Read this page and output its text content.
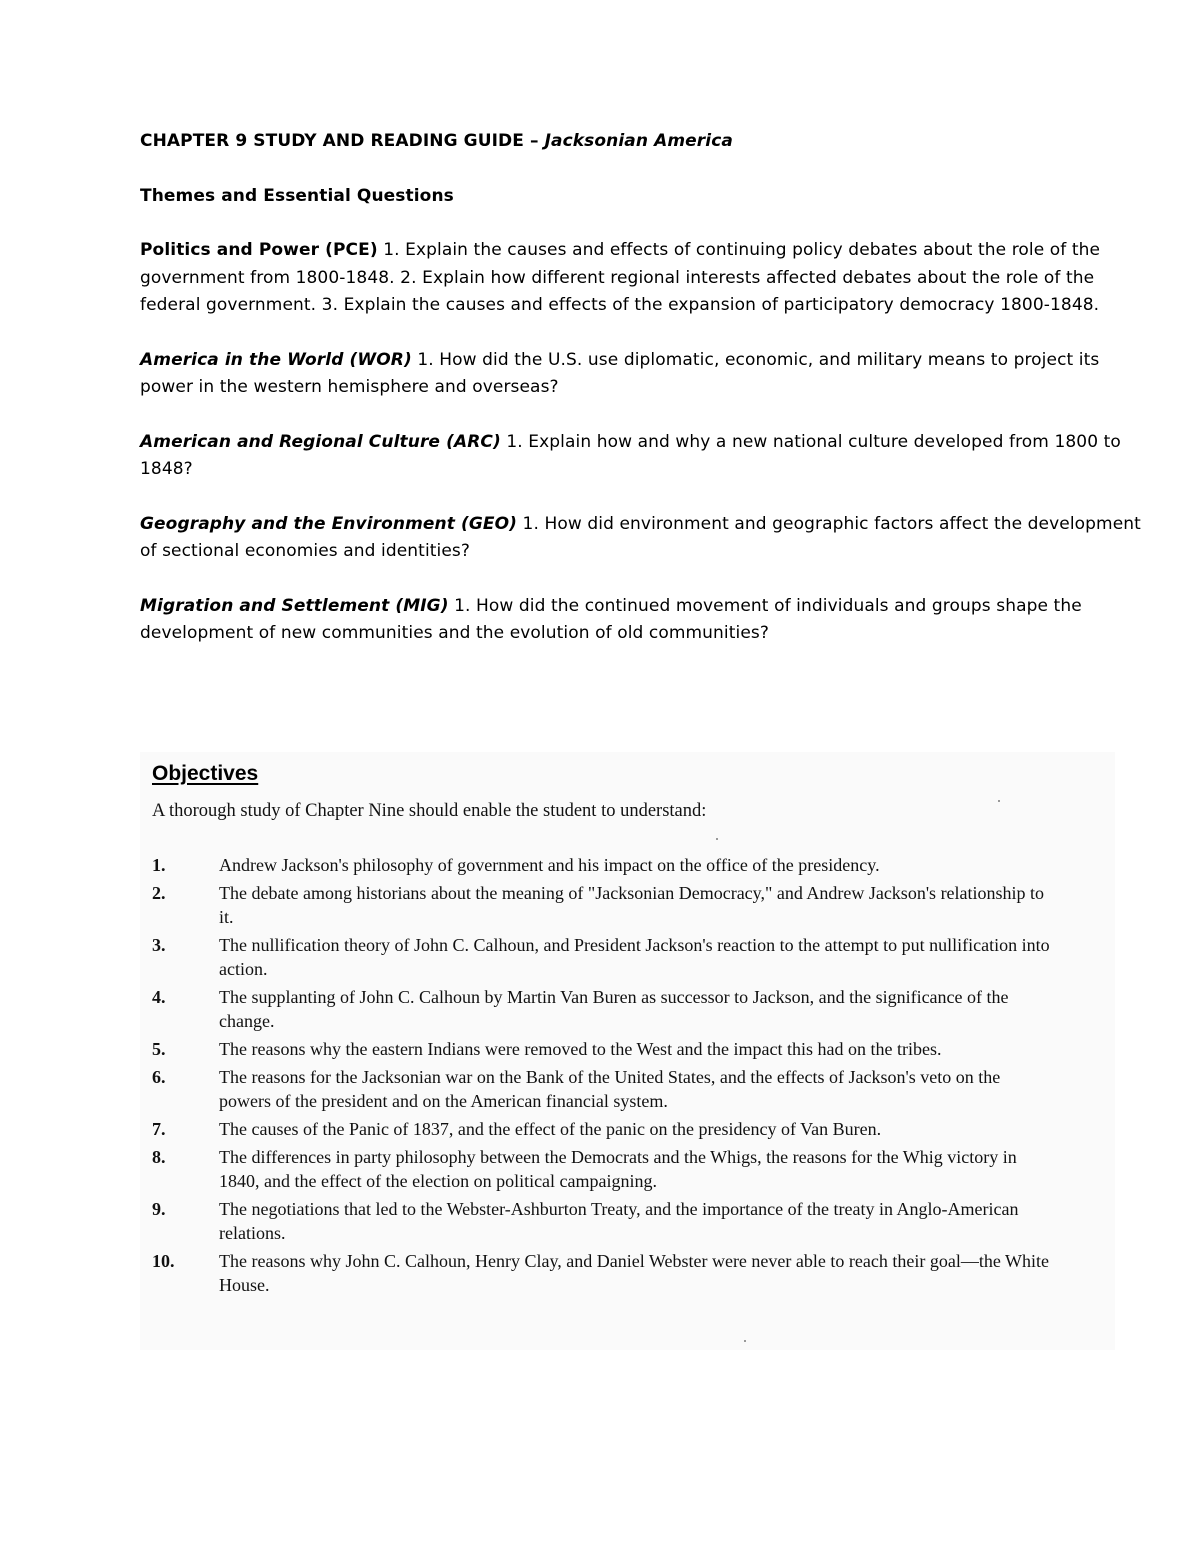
CHAPTER 9 STUDY AND READING GUIDE – Jacksonian America
Themes and Essential Questions
Politics and Power (PCE) 1. Explain the causes and effects of continuing policy debates about the role of the government from 1800-1848. 2. Explain how different regional interests affected debates about the role of the federal government. 3. Explain the causes and effects of the expansion of participatory democracy 1800-1848.
America in the World (WOR) 1. How did the U.S. use diplomatic, economic, and military means to project its power in the western hemisphere and overseas?
American and Regional Culture (ARC) 1. Explain how and why a new national culture developed from 1800 to 1848?
Geography and the Environment (GEO) 1. How did environment and geographic factors affect the development of sectional economies and identities?
Migration and Settlement (MIG) 1. How did the continued movement of individuals and groups shape the development of new communities and the evolution of old communities?
Objectives
A thorough study of Chapter Nine should enable the student to understand:
1.	Andrew Jackson's philosophy of government and his impact on the office of the presidency.
2.	The debate among historians about the meaning of "Jacksonian Democracy," and Andrew Jackson's relationship to it.
3.	The nullification theory of John C. Calhoun, and President Jackson's reaction to the attempt to put nullification into action.
4.	The supplanting of John C. Calhoun by Martin Van Buren as successor to Jackson, and the significance of the change.
5.	The reasons why the eastern Indians were removed to the West and the impact this had on the tribes.
6.	The reasons for the Jacksonian war on the Bank of the United States, and the effects of Jackson's veto on the powers of the president and on the American financial system.
7.	The causes of the Panic of 1837, and the effect of the panic on the presidency of Van Buren.
8.	The differences in party philosophy between the Democrats and the Whigs, the reasons for the Whig victory in 1840, and the effect of the election on political campaigning.
9.	The negotiations that led to the Webster-Ashburton Treaty, and the importance of the treaty in Anglo-American relations.
10.	The reasons why John C. Calhoun, Henry Clay, and Daniel Webster were never able to reach their goal—the White House.
